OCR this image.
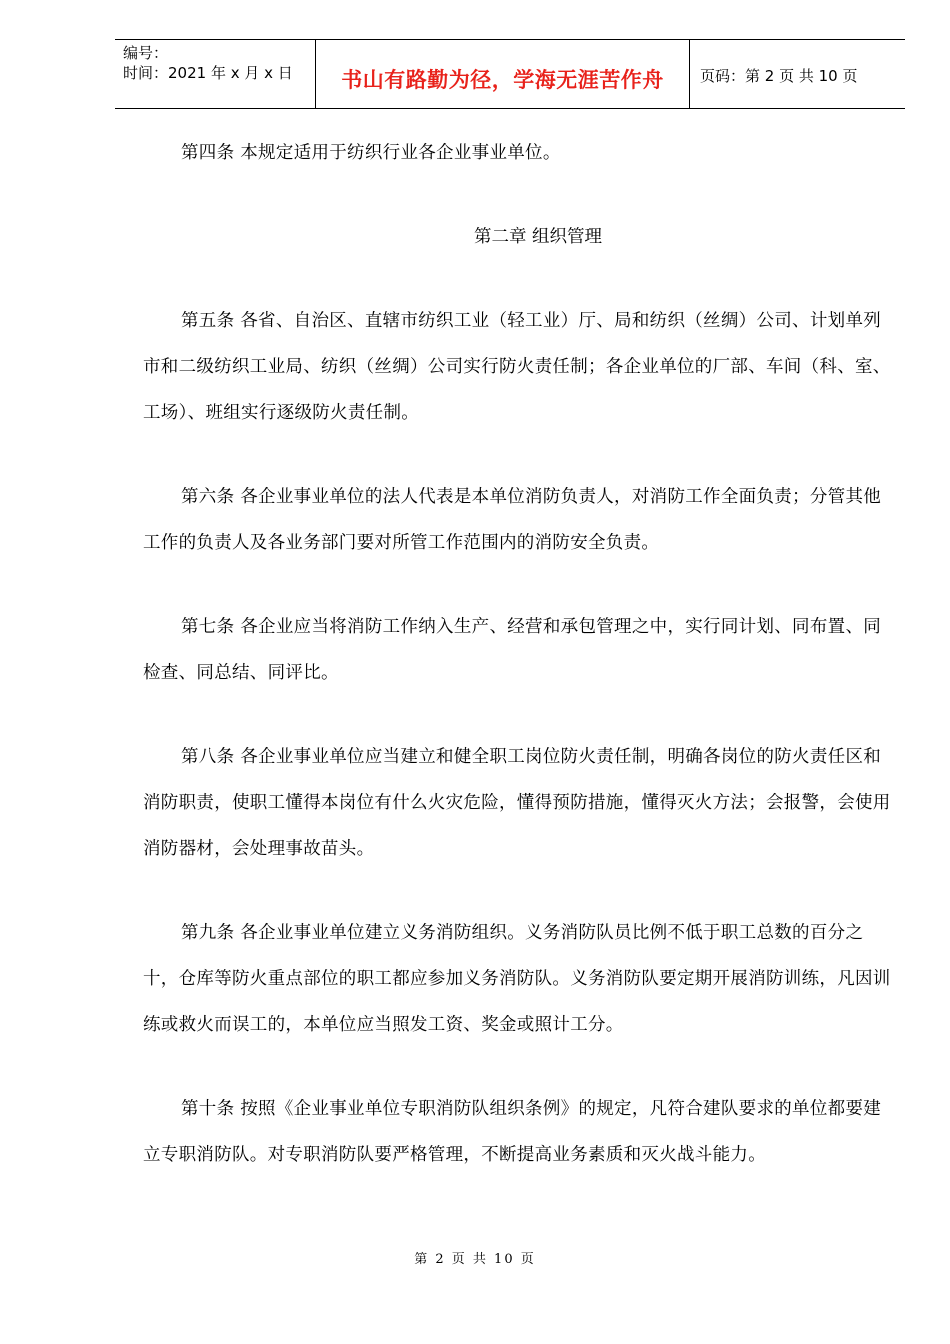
编号：
时间：2021 年 x 月 x 日	书山有路勤为径，学海无涯苦作舟	页码：第 2 页 共 10 页

第四条 本规定适用于纺织行业各企业事业单位。

第二章 组织管理

第五条 各省、自治区、直辖市纺织工业（轻工业）厅、局和纺织（丝绸）公司、计划单列市和二级纺织工业局、纺织（丝绸）公司实行防火责任制；各企业单位的厂部、车间（科、室、工场）、班组实行逐级防火责任制。

第六条 各企业事业单位的法人代表是本单位消防负责人，对消防工作全面负责；分管其他工作的负责人及各业务部门要对所管工作范围内的消防安全负责。

第七条 各企业应当将消防工作纳入生产、经营和承包管理之中，实行同计划、同布置、同检查、同总结、同评比。

第八条 各企业事业单位应当建立和健全职工岗位防火责任制，明确各岗位的防火责任区和消防职责，使职工懂得本岗位有什么火灾危险，懂得预防措施，懂得灭火方法；会报警，会使用消防器材，会处理事故苗头。

第九条 各企业事业单位建立义务消防组织。义务消防队员比例不低于职工总数的百分之十，仓库等防火重点部位的职工都应参加义务消防队。义务消防队要定期开展消防训练，凡因训练或救火而误工的，本单位应当照发工资、奖金或照计工分。

第十条 按照《企业事业单位专职消防队组织条例》的规定，凡符合建队要求的单位都要建立专职消防队。对专职消防队要严格管理，不断提高业务素质和灭火战斗能力。

第 2 页 共 10 页
